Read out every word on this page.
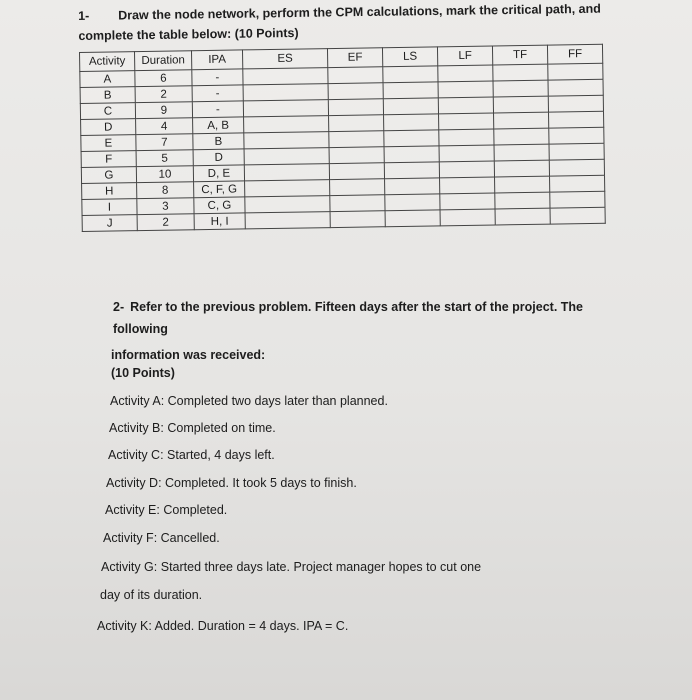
1- Draw the node network, perform the CPM calculations, mark the critical path, and
complete the table below: (10 Points)
Activity	Duration	IPA	ES	EF	LS	LF	TF	FF
A	6	-						
B	2	-						
C	9	-						
D	4	A, B						
E	7	B						
F	5	D						
G	10	D, E						
H	8	C, F, G						
I	3	C, G						
J	2	H, I						
2- Refer to the previous problem. Fifteen days after the start of the project. The
following
information was received:
(10 Points)
Activity A: Completed two days later than planned.
Activity B: Completed on time.
Activity C: Started, 4 days left.
Activity D: Completed. It took 5 days to finish.
Activity E: Completed.
Activity F: Cancelled.
Activity G: Started three days late. Project manager hopes to cut one
day of its duration.
Activity K: Added. Duration = 4 days. IPA = C.
